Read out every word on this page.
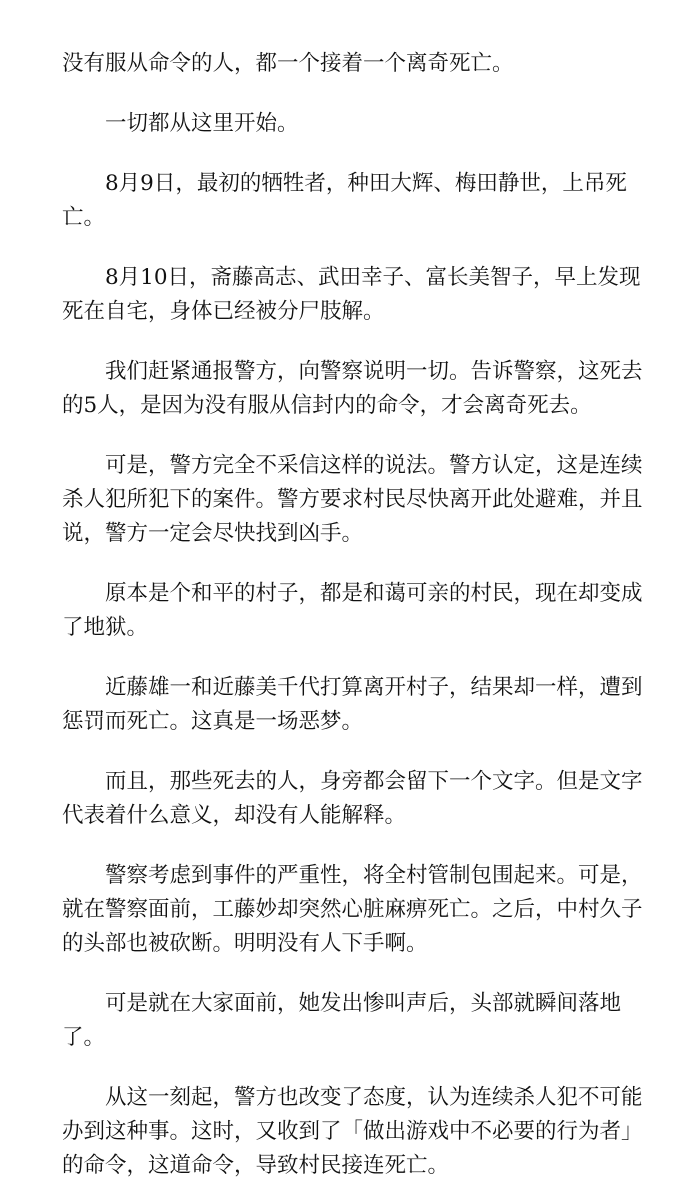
没有服从命令的人，都一个接着一个离奇死亡。

一切都从这里开始。

8月9日，最初的牺牲者，种田大辉、梅田静世，上吊死亡。

8月10日，斋藤高志、武田幸子、富长美智子，早上发现死在自宅，身体已经被分尸肢解。

我们赶紧通报警方，向警察说明一切。告诉警察，这死去的5人，是因为没有服从信封内的命令，才会离奇死去。

可是，警方完全不采信这样的说法。警方认定，这是连续杀人犯所犯下的案件。警方要求村民尽快离开此处避难，并且说，警方一定会尽快找到凶手。

原本是个和平的村子，都是和蔼可亲的村民，现在却变成了地狱。

近藤雄一和近藤美千代打算离开村子，结果却一样，遭到惩罚而死亡。这真是一场恶梦。

而且，那些死去的人，身旁都会留下一个文字。但是文字代表着什么意义，却没有人能解释。

警察考虑到事件的严重性，将全村管制包围起来。可是，就在警察面前，工藤妙却突然心脏麻痹死亡。之后，中村久子的头部也被砍断。明明没有人下手啊。

可是就在大家面前，她发出惨叫声后，头部就瞬间落地了。

从这一刻起，警方也改变了态度，认为连续杀人犯不可能办到这种事。这时，又收到了「做出游戏中不必要的行为者」的命令，这道命令，导致村民接连死亡。
